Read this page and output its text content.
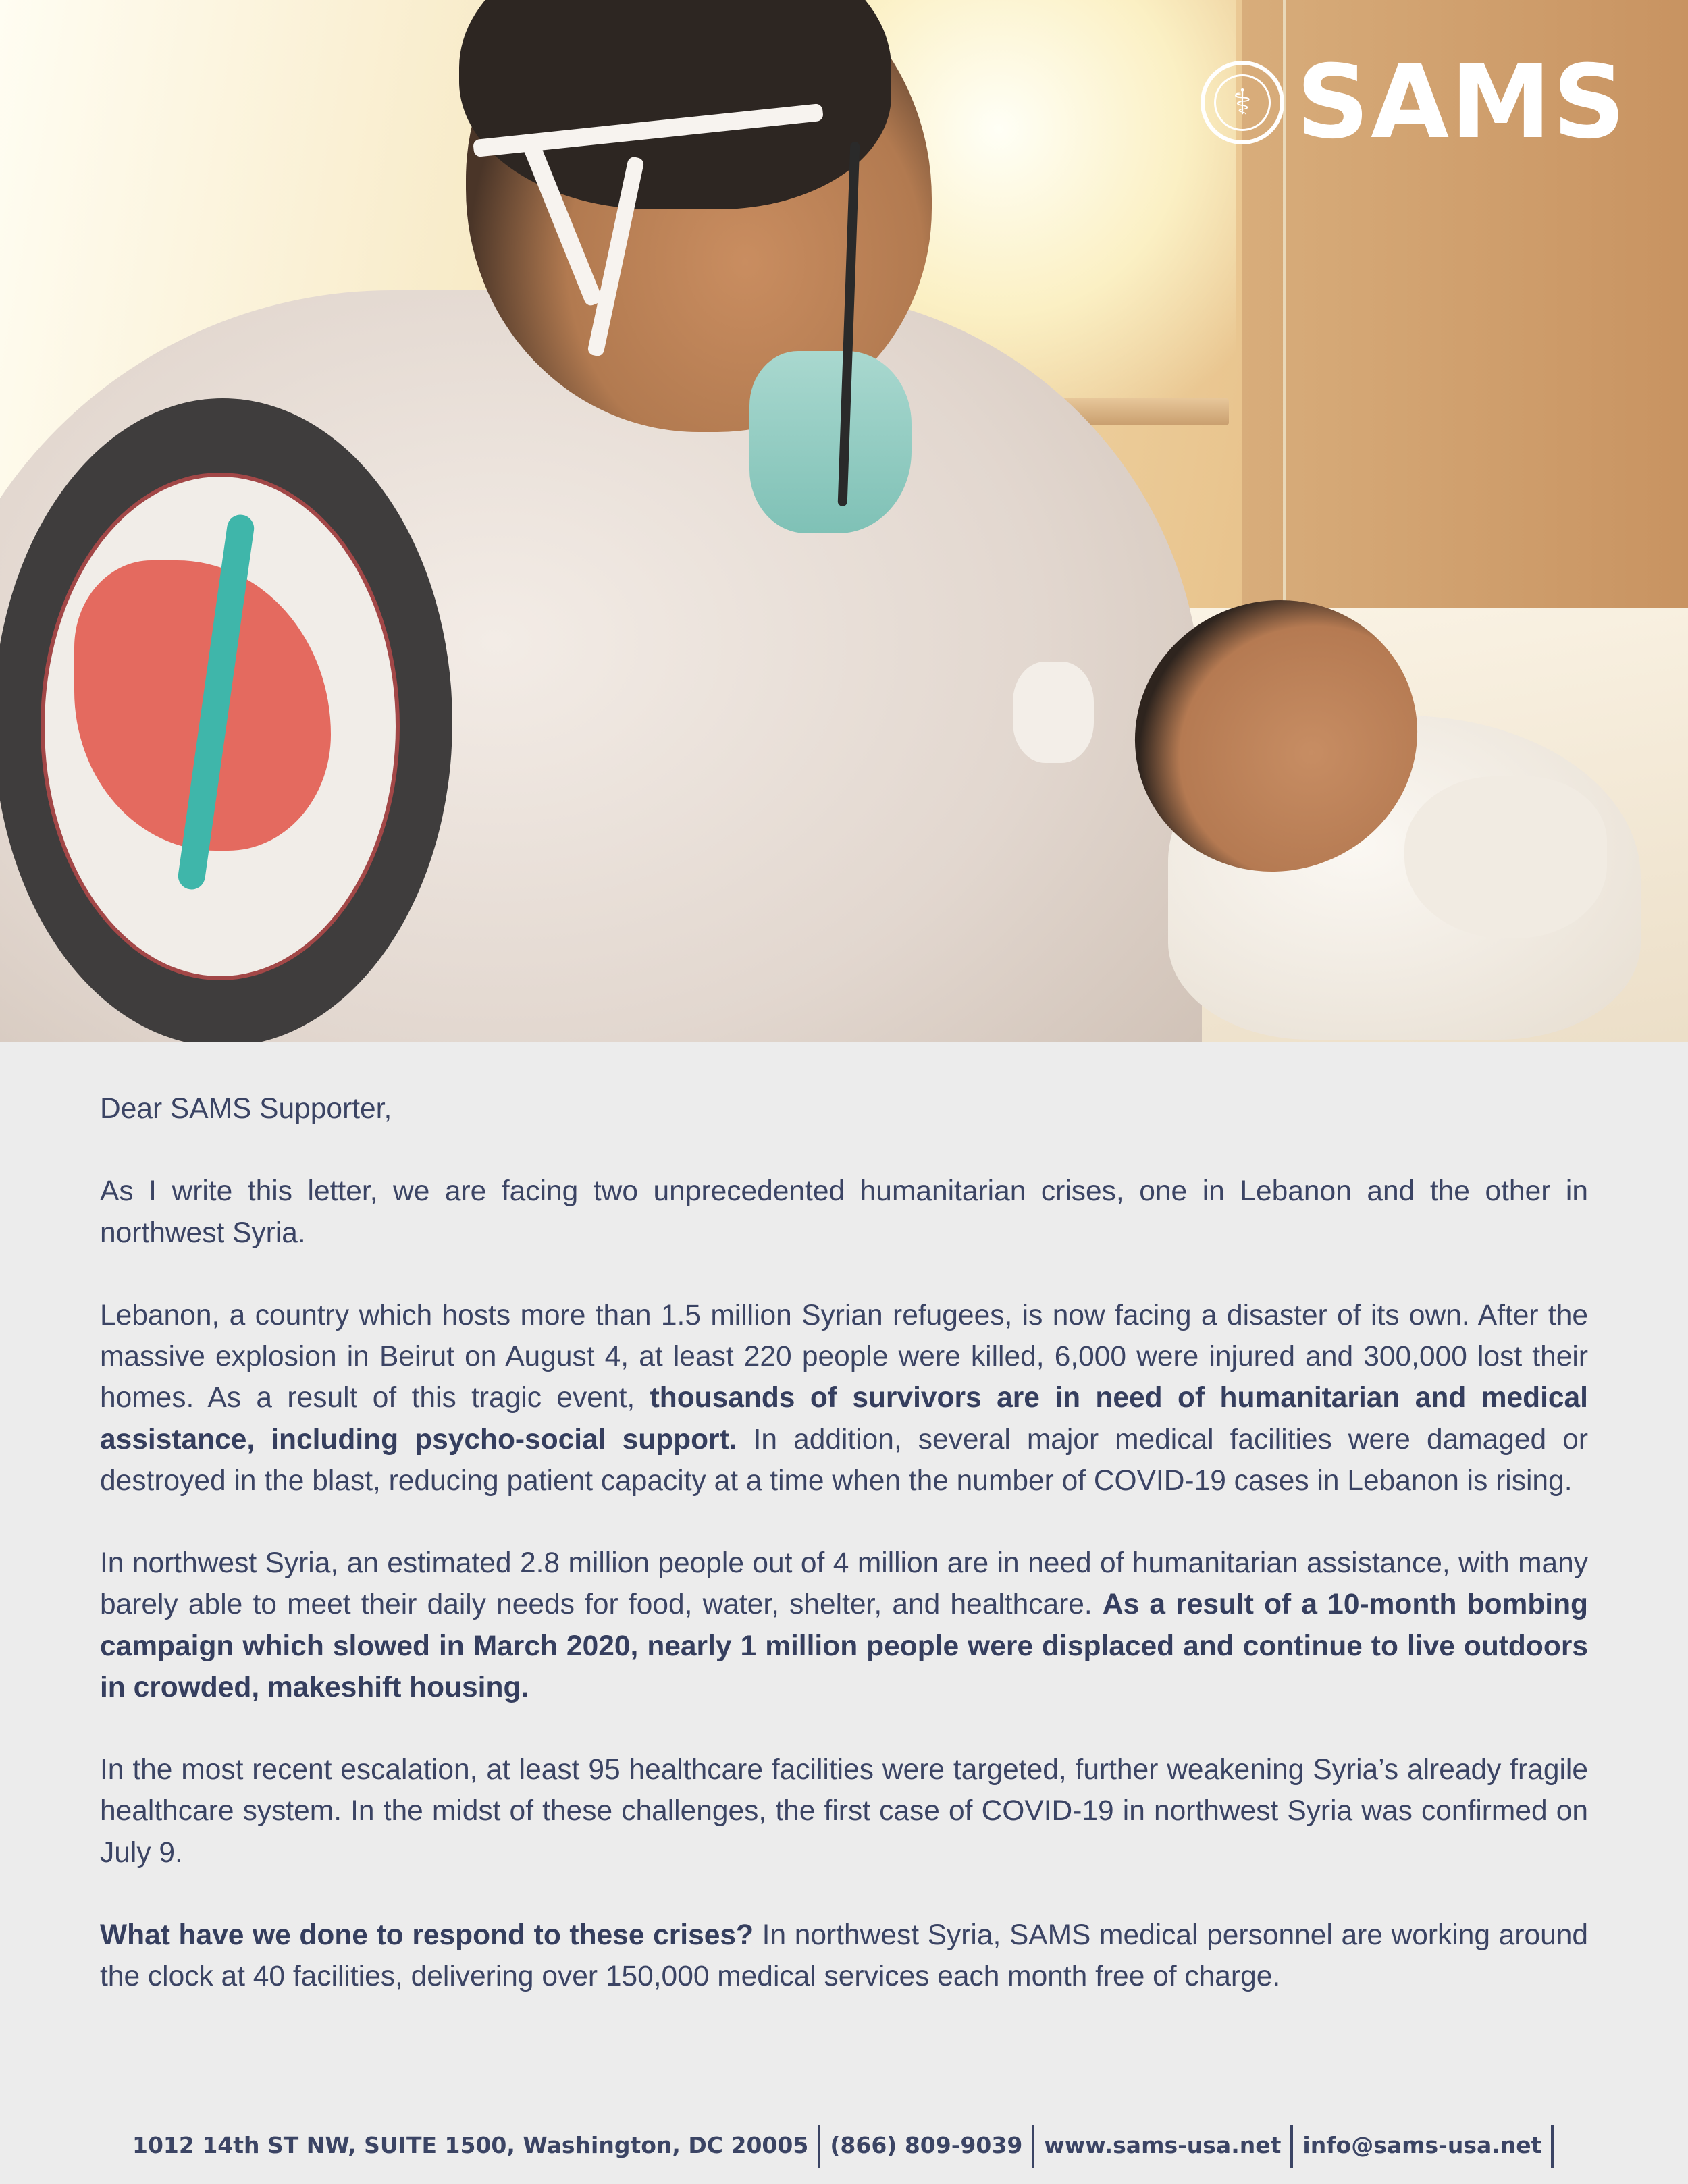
⚕
SAMS

Dear SAMS Supporter,

As I write this letter, we are facing two unprecedented humanitarian crises, one in Lebanon and the other in northwest Syria.

Lebanon, a country which hosts more than 1.5 million Syrian refugees, is now facing a disaster of its own. After the massive explosion in Beirut on August 4, at least 220 people were killed, 6,000 were injured and 300,000 lost their homes. As a result of this tragic event, thousands of survivors are in need of humanitarian and medical assistance, including psycho-social support. In addition, several major medical facilities were damaged or destroyed in the blast, reducing patient capacity at a time when the number of COVID-19 cases in Lebanon is rising.

In northwest Syria, an estimated 2.8 million people out of 4 million are in need of humanitarian assistance, with many barely able to meet their daily needs for food, water, shelter, and healthcare. As a result of a 10-month bombing campaign which slowed in March 2020, nearly 1 million people were displaced and continue to live outdoors in crowded, makeshift housing.

In the most recent escalation, at least 95 healthcare facilities were targeted, further weakening Syria’s already fragile healthcare system. In the midst of these challenges, the first case of COVID-19 in northwest Syria was confirmed on July 9.

What have we done to respond to these crises? In northwest Syria, SAMS medical personnel are working around the clock at 40 facilities, delivering over 150,000 medical services each month free of charge.

1012 14th ST NW, SUITE 1500, Washington, DC 20005 (866) 809-9039 www.sams-usa.net info@sams-usa.net
